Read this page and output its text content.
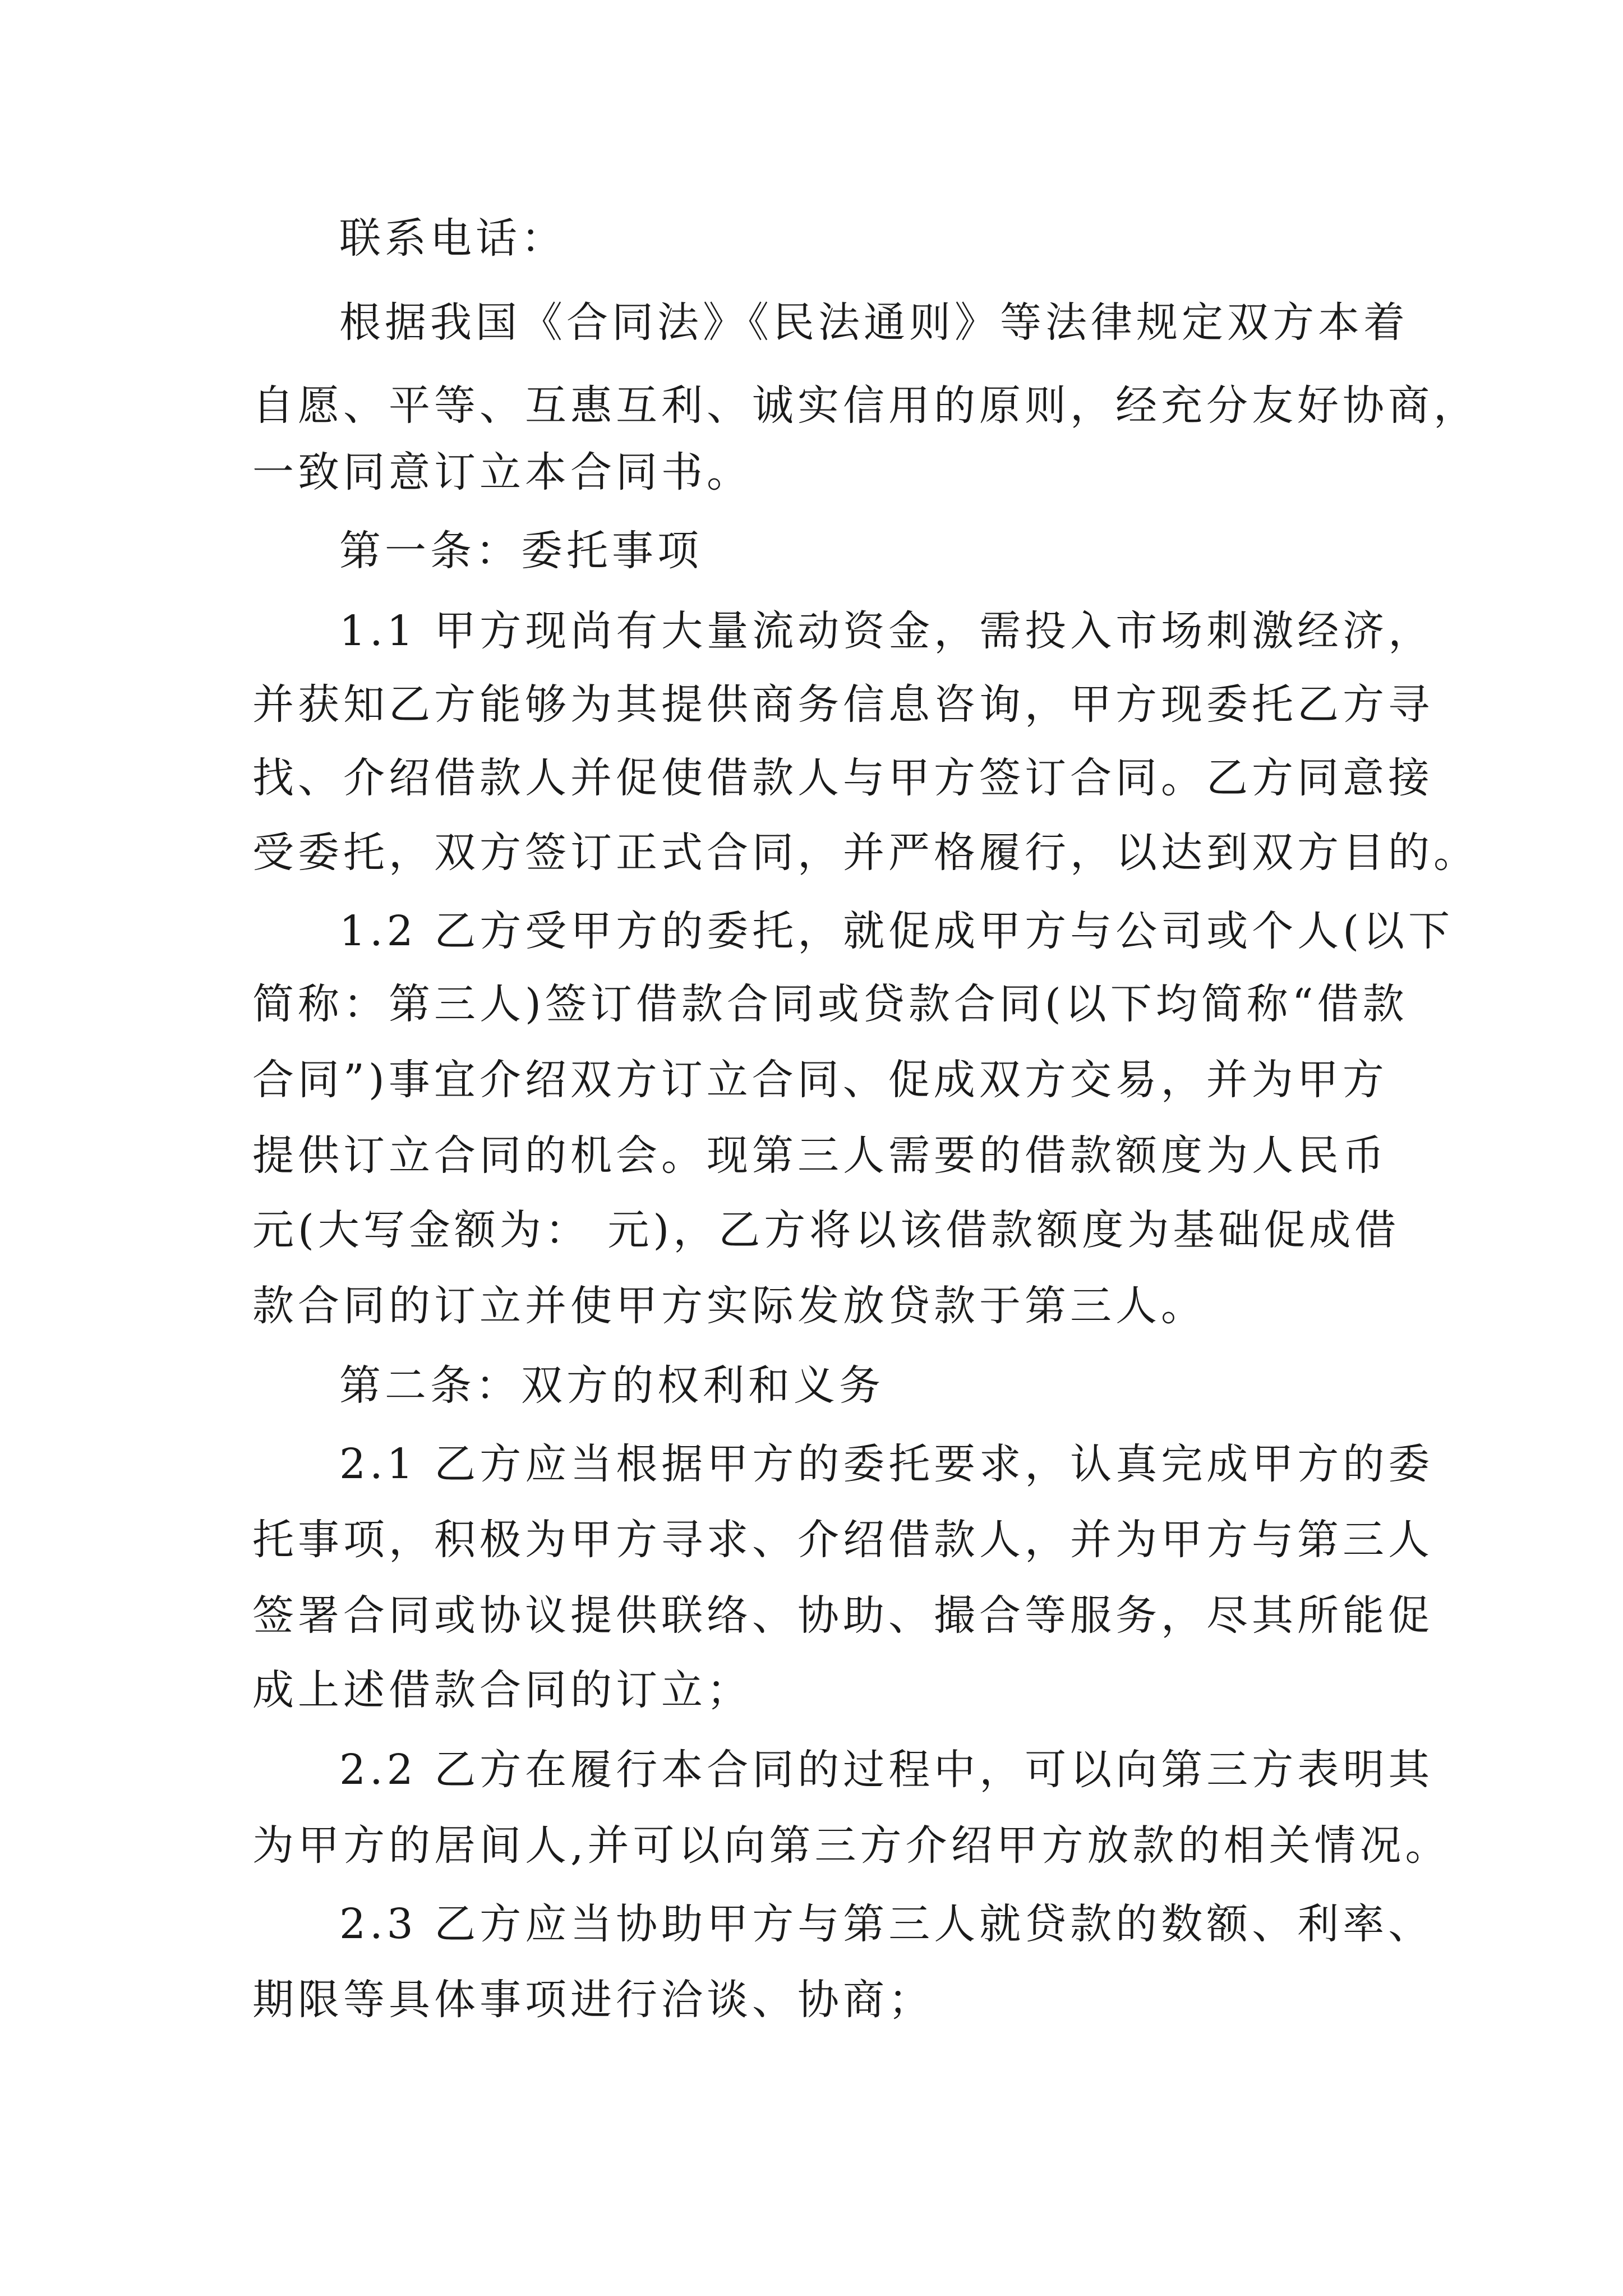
联系电话：
根据我国《合同法》《民法通则》等法律规定双方本着
自愿、平等、互惠互利、诚实信用的原则，经充分友好协商，
一致同意订立本合同书。
第一条：委托事项
1.1 甲方现尚有大量流动资金，需投入市场刺激经济，
并获知乙方能够为其提供商务信息咨询，甲方现委托乙方寻
找、介绍借款人并促使借款人与甲方签订合同。乙方同意接
受委托，双方签订正式合同，并严格履行，以达到双方目的。
1.2 乙方受甲方的委托，就促成甲方与公司或个人(以下
简称：第三人)签订借款合同或贷款合同(以下均简称“借款
合同”)事宜介绍双方订立合同、促成双方交易，并为甲方
提供订立合同的机会。现第三人需要的借款额度为人民币
元(大写金额为： 元)，乙方将以该借款额度为基础促成借
款合同的订立并使甲方实际发放贷款于第三人。
第二条：双方的权利和义务
2.1 乙方应当根据甲方的委托要求，认真完成甲方的委
托事项，积极为甲方寻求、介绍借款人，并为甲方与第三人
签署合同或协议提供联络、协助、撮合等服务，尽其所能促
成上述借款合同的订立；
2.2 乙方在履行本合同的过程中，可以向第三方表明其
为甲方的居间人,并可以向第三方介绍甲方放款的相关情况。
2.3 乙方应当协助甲方与第三人就贷款的数额、利率、
期限等具体事项进行洽谈、协商；
